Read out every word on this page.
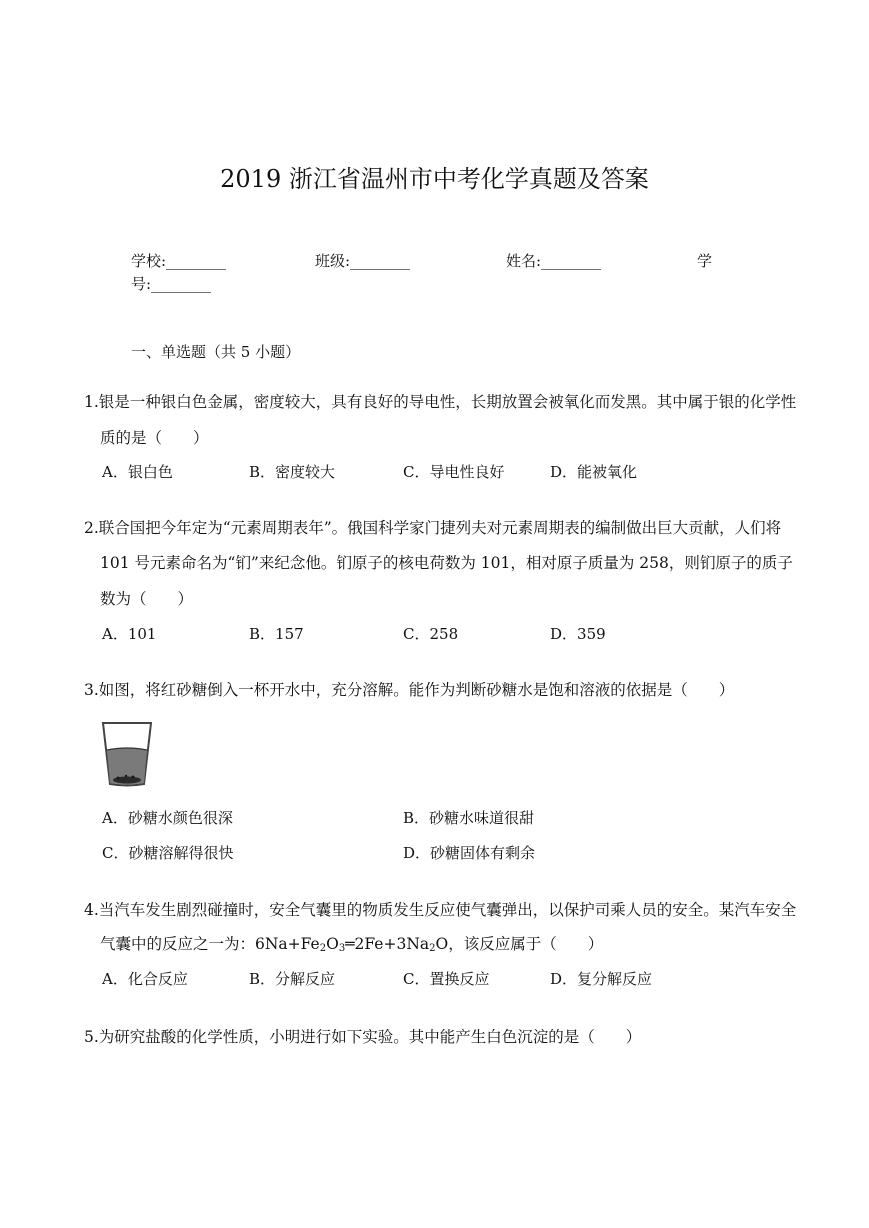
2019 浙江省温州市中考化学真题及答案
学校:________	班级:________	姓名:________	学
号:________
一、单选题（共 5 小题）
1.银是一种银白色金属，密度较大，具有良好的导电性，长期放置会被氧化而发黑。其中属于银的化学性
质的是（　　）
A．银白色	B．密度较大	C．导电性良好	D．能被氧化
2.联合国把今年定为“元素周期表年”。俄国科学家门捷列夫对元素周期表的编制做出巨大贡献，人们将
101 号元素命名为“钔”来纪念他。钔原子的核电荷数为 101，相对原子质量为 258，则钔原子的质子
数为（　　）
A．101	B．157	C．258	D．359
3.如图，将红砂糖倒入一杯开水中，充分溶解。能作为判断砂糖水是饱和溶液的依据是（　　）
A．砂糖水颜色很深	B．砂糖水味道很甜
C．砂糖溶解得很快	D．砂糖固体有剩余
4.当汽车发生剧烈碰撞时，安全气囊里的物质发生反应使气囊弹出，以保护司乘人员的安全。某汽车安全
气囊中的反应之一为：$6Na+Fe_2O_3═2Fe+3Na_2O$，该反应属于（　　）
A．化合反应	B．分解反应	C．置换反应	D．复分解反应
5.为研究盐酸的化学性质，小明进行如下实验。其中能产生白色沉淀的是（　　）
